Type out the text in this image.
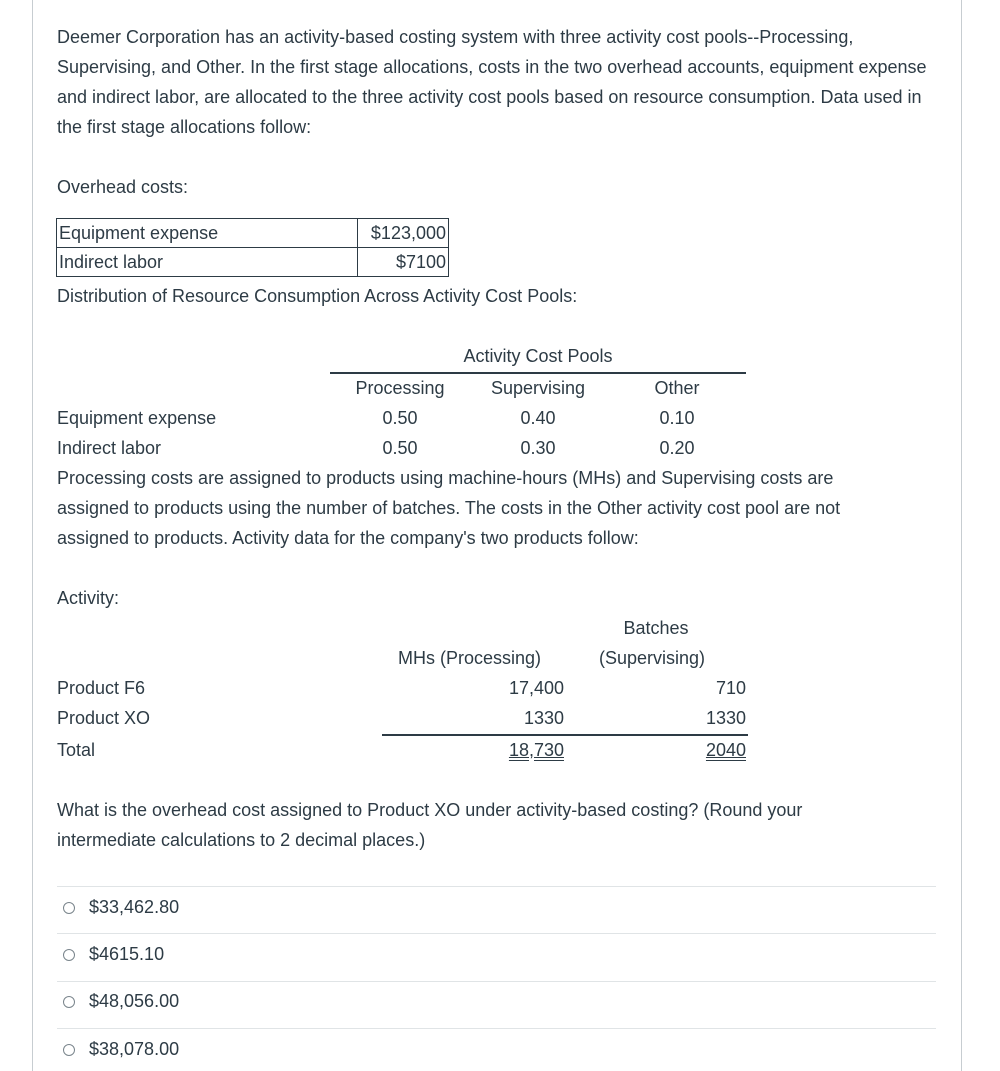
Deemer Corporation has an activity-based costing system with three activity cost pools--Processing, Supervising, and Other. In the first stage allocations, costs in the two overhead accounts, equipment expense and indirect labor, are allocated to the three activity cost pools based on resource consumption. Data used in the first stage allocations follow:
Overhead costs:
Equipment expense	$123,000
Indirect labor	$7100
Distribution of Resource Consumption Across Activity Cost Pools:
Activity Cost Pools
Processing	Supervising	Other
Equipment expense	0.50	0.40	0.10
Indirect labor	0.50	0.30	0.20
Processing costs are assigned to products using machine-hours (MHs) and Supervising costs are
assigned to products using the number of batches. The costs in the Other activity cost pool are not
assigned to products. Activity data for the company's two products follow:
Activity:
Batches
MHs (Processing)	(Supervising)
Product F6	17,400	710
Product XO	1330	1330
Total	18,730	2040
What is the overhead cost assigned to Product XO under activity-based costing? (Round your
intermediate calculations to 2 decimal places.)
$33,462.80
$4615.10
$48,056.00
$38,078.00
